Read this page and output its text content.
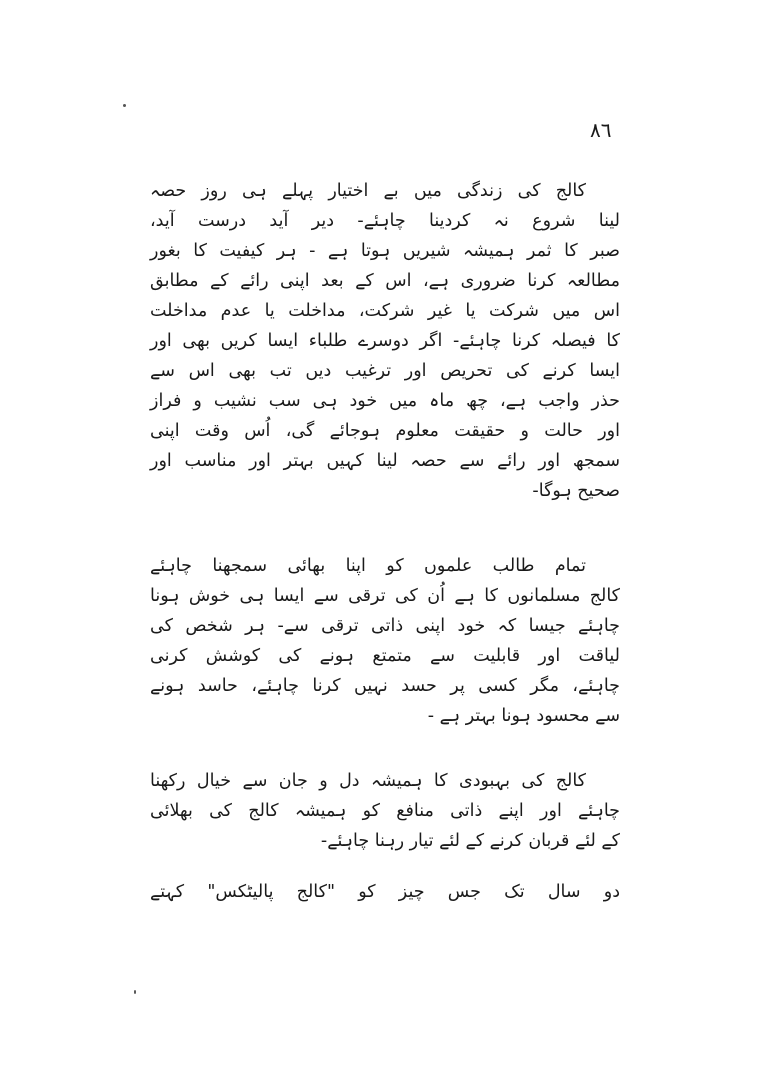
٨٦
کالج کی زندگی میں بے اختیار پہلے ہی روز حصہ
لینا شروع نہ کردینا چاہئے- دیر آید درست آید،
صبر کا ثمر ہمیشہ شیریں ہوتا ہے - ہر کیفیت کا بغور
مطالعہ کرنا ضروری ہے، اس کے بعد اپنی رائے کے مطابق
اس میں شرکت یا غیر شرکت، مداخلت یا عدم مداخلت
کا فیصلہ کرنا چاہئے- اگر دوسرے طلباء ایسا کریں بھی اور
ایسا کرنے کی تحریص اور ترغیب دیں تب بھی اس سے
حذر واجب ہے، چھ ماہ میں خود ہی سب نشیب و فراز
اور حالت و حقیقت معلوم ہوجائے گی، اُس وقت اپنی
سمجھ اور رائے سے حصہ لینا کہیں بہتر اور مناسب اور
صحیح ہوگا-
تمام طالب علموں کو اپنا بھائی سمجھنا چاہئے
کالج مسلمانوں کا ہے اُن کی ترقی سے ایسا ہی خوش ہونا
چاہئے جیسا کہ خود اپنی ذاتی ترقی سے- ہر شخص کی
لیاقت اور قابلیت سے متمتع ہونے کی کوشش کرنی
چاہئے، مگر کسی پر حسد نہیں کرنا چاہئے، حاسد ہونے
سے محسود ہونا بہتر ہے -
کالج کی بہبودی کا ہمیشہ دل و جان سے خیال رکھنا
چاہئے اور اپنے ذاتی منافع کو ہمیشہ کالج کی بھلائی
کے لئے قربان کرنے کے لئے تیار رہنا چاہئے-
دو سال تک جس چیز کو "کالج پالیٹکس" کہتے
